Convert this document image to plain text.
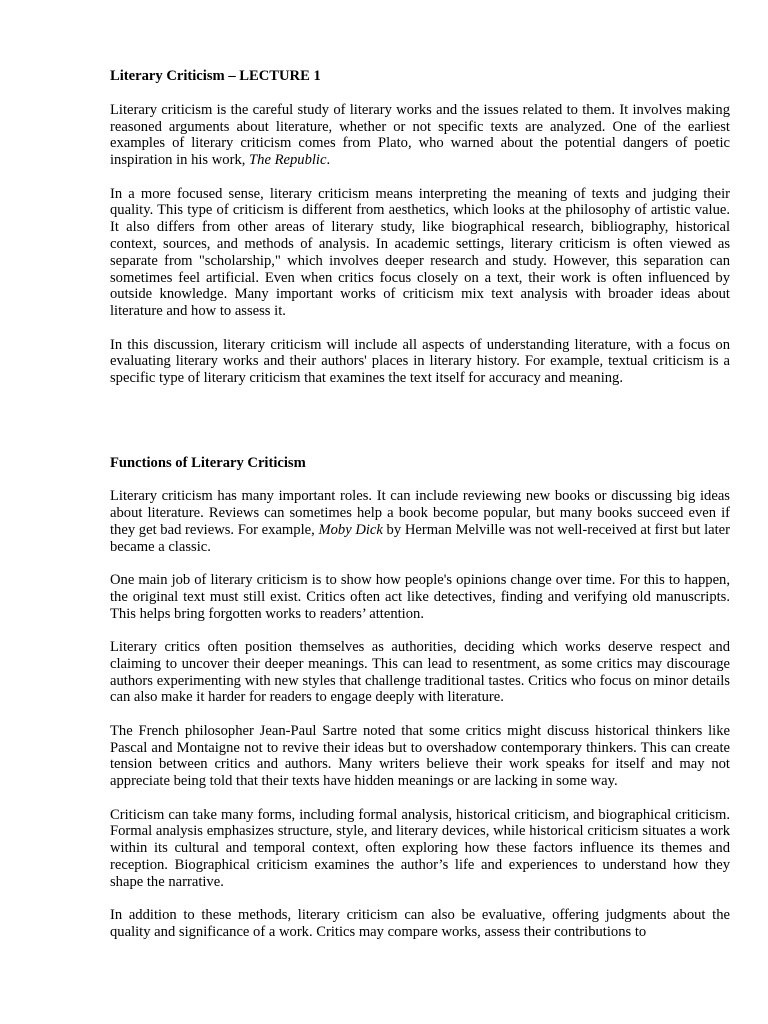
Literary Criticism – LECTURE 1

Literary criticism is the careful study of literary works and the issues related to them. It involves making reasoned arguments about literature, whether or not specific texts are analyzed. One of the earliest examples of literary criticism comes from Plato, who warned about the potential dangers of poetic inspiration in his work, The Republic.

In a more focused sense, literary criticism means interpreting the meaning of texts and judging their quality. This type of criticism is different from aesthetics, which looks at the philosophy of artistic value. It also differs from other areas of literary study, like biographical research, bibliography, historical context, sources, and methods of analysis. In academic settings, literary criticism is often viewed as separate from "scholarship," which involves deeper research and study. However, this separation can sometimes feel artificial. Even when critics focus closely on a text, their work is often influenced by outside knowledge. Many important works of criticism mix text analysis with broader ideas about literature and how to assess it.

In this discussion, literary criticism will include all aspects of understanding literature, with a focus on evaluating literary works and their authors' places in literary history. For example, textual criticism is a specific type of literary criticism that examines the text itself for accuracy and meaning.

Functions of Literary Criticism

Literary criticism has many important roles. It can include reviewing new books or discussing big ideas about literature. Reviews can sometimes help a book become popular, but many books succeed even if they get bad reviews. For example, Moby Dick by Herman Melville was not well-received at first but later became a classic.

One main job of literary criticism is to show how people's opinions change over time. For this to happen, the original text must still exist. Critics often act like detectives, finding and verifying old manuscripts. This helps bring forgotten works to readers’ attention.

Literary critics often position themselves as authorities, deciding which works deserve respect and claiming to uncover their deeper meanings. This can lead to resentment, as some critics may discourage authors experimenting with new styles that challenge traditional tastes. Critics who focus on minor details can also make it harder for readers to engage deeply with literature.

The French philosopher Jean-Paul Sartre noted that some critics might discuss historical thinkers like Pascal and Montaigne not to revive their ideas but to overshadow contemporary thinkers. This can create tension between critics and authors. Many writers believe their work speaks for itself and may not appreciate being told that their texts have hidden meanings or are lacking in some way.

Criticism can take many forms, including formal analysis, historical criticism, and biographical criticism. Formal analysis emphasizes structure, style, and literary devices, while historical criticism situates a work within its cultural and temporal context, often exploring how these factors influence its themes and reception. Biographical criticism examines the author’s life and experiences to understand how they shape the narrative.

In addition to these methods, literary criticism can also be evaluative, offering judgments about the quality and significance of a work. Critics may compare works, assess their contributions to
